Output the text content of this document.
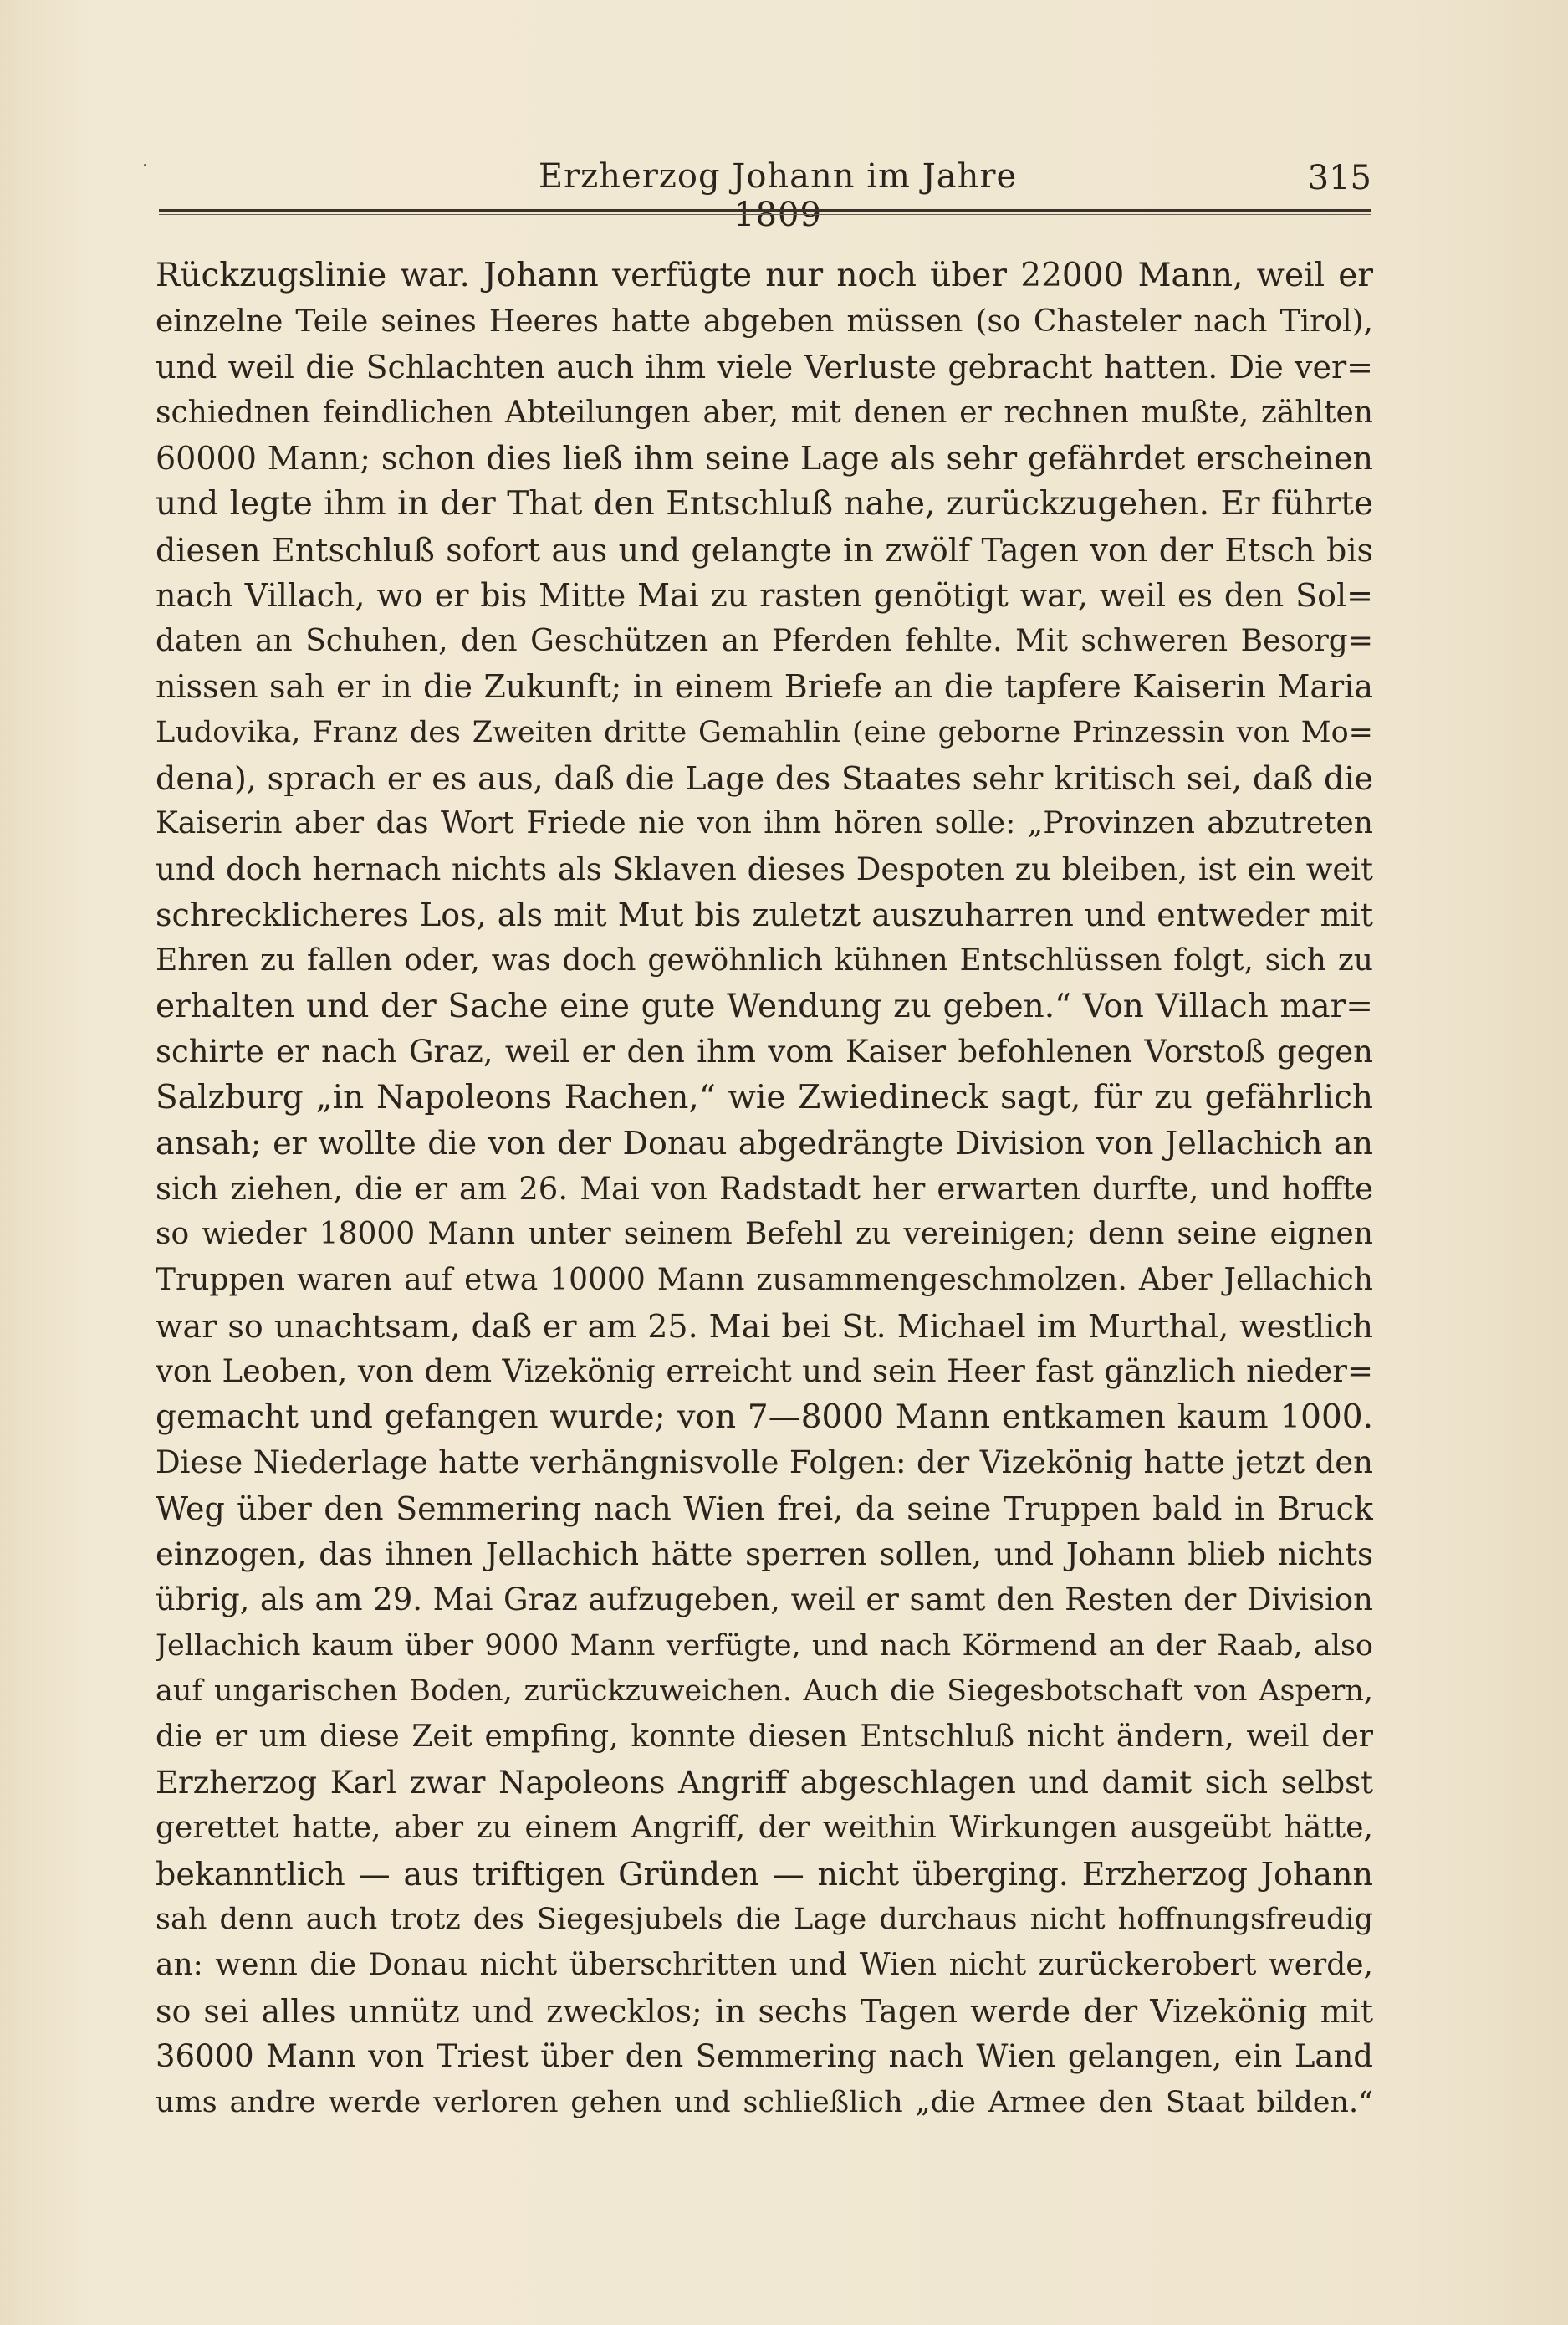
Erzherzog Johann im Jahre 1809
315
Rückzugslinie war. Johann verfügte nur noch über 22000 Mann, weil er
einzelne Teile seines Heeres hatte abgeben müssen (so Chasteler nach Tirol),
und weil die Schlachten auch ihm viele Verluste gebracht hatten. Die ver=
schiednen feindlichen Abteilungen aber, mit denen er rechnen mußte, zählten
60000 Mann; schon dies ließ ihm seine Lage als sehr gefährdet erscheinen
und legte ihm in der That den Entschluß nahe, zurückzugehen. Er führte
diesen Entschluß sofort aus und gelangte in zwölf Tagen von der Etsch bis
nach Villach, wo er bis Mitte Mai zu rasten genötigt war, weil es den Sol=
daten an Schuhen, den Geschützen an Pferden fehlte. Mit schweren Besorg=
nissen sah er in die Zukunft; in einem Briefe an die tapfere Kaiserin Maria
Ludovika, Franz des Zweiten dritte Gemahlin (eine geborne Prinzessin von Mo=
dena), sprach er es aus, daß die Lage des Staates sehr kritisch sei, daß die
Kaiserin aber das Wort Friede nie von ihm hören solle: „Provinzen abzutreten
und doch hernach nichts als Sklaven dieses Despoten zu bleiben, ist ein weit
schrecklicheres Los, als mit Mut bis zuletzt auszuharren und entweder mit
Ehren zu fallen oder, was doch gewöhnlich kühnen Entschlüssen folgt, sich zu
erhalten und der Sache eine gute Wendung zu geben.“ Von Villach mar=
schirte er nach Graz, weil er den ihm vom Kaiser befohlenen Vorstoß gegen
Salzburg „in Napoleons Rachen,“ wie Zwiedineck sagt, für zu gefährlich
ansah; er wollte die von der Donau abgedrängte Division von Jellachich an
sich ziehen, die er am 26. Mai von Radstadt her erwarten durfte, und hoffte
so wieder 18000 Mann unter seinem Befehl zu vereinigen; denn seine eignen
Truppen waren auf etwa 10000 Mann zusammengeschmolzen. Aber Jellachich
war so unachtsam, daß er am 25. Mai bei St. Michael im Murthal, westlich
von Leoben, von dem Vizekönig erreicht und sein Heer fast gänzlich nieder=
gemacht und gefangen wurde; von 7—8000 Mann entkamen kaum 1000.
Diese Niederlage hatte verhängnisvolle Folgen: der Vizekönig hatte jetzt den
Weg über den Semmering nach Wien frei, da seine Truppen bald in Bruck
einzogen, das ihnen Jellachich hätte sperren sollen, und Johann blieb nichts
übrig, als am 29. Mai Graz aufzugeben, weil er samt den Resten der Division
Jellachich kaum über 9000 Mann verfügte, und nach Körmend an der Raab, also
auf ungarischen Boden, zurückzuweichen. Auch die Siegesbotschaft von Aspern,
die er um diese Zeit empfing, konnte diesen Entschluß nicht ändern, weil der
Erzherzog Karl zwar Napoleons Angriff abgeschlagen und damit sich selbst
gerettet hatte, aber zu einem Angriff, der weithin Wirkungen ausgeübt hätte,
bekanntlich — aus triftigen Gründen — nicht überging. Erzherzog Johann
sah denn auch trotz des Siegesjubels die Lage durchaus nicht hoffnungsfreudig
an: wenn die Donau nicht überschritten und Wien nicht zurückerobert werde,
so sei alles unnütz und zwecklos; in sechs Tagen werde der Vizekönig mit
36000 Mann von Triest über den Semmering nach Wien gelangen, ein Land
ums andre werde verloren gehen und schließlich „die Armee den Staat bilden.“
